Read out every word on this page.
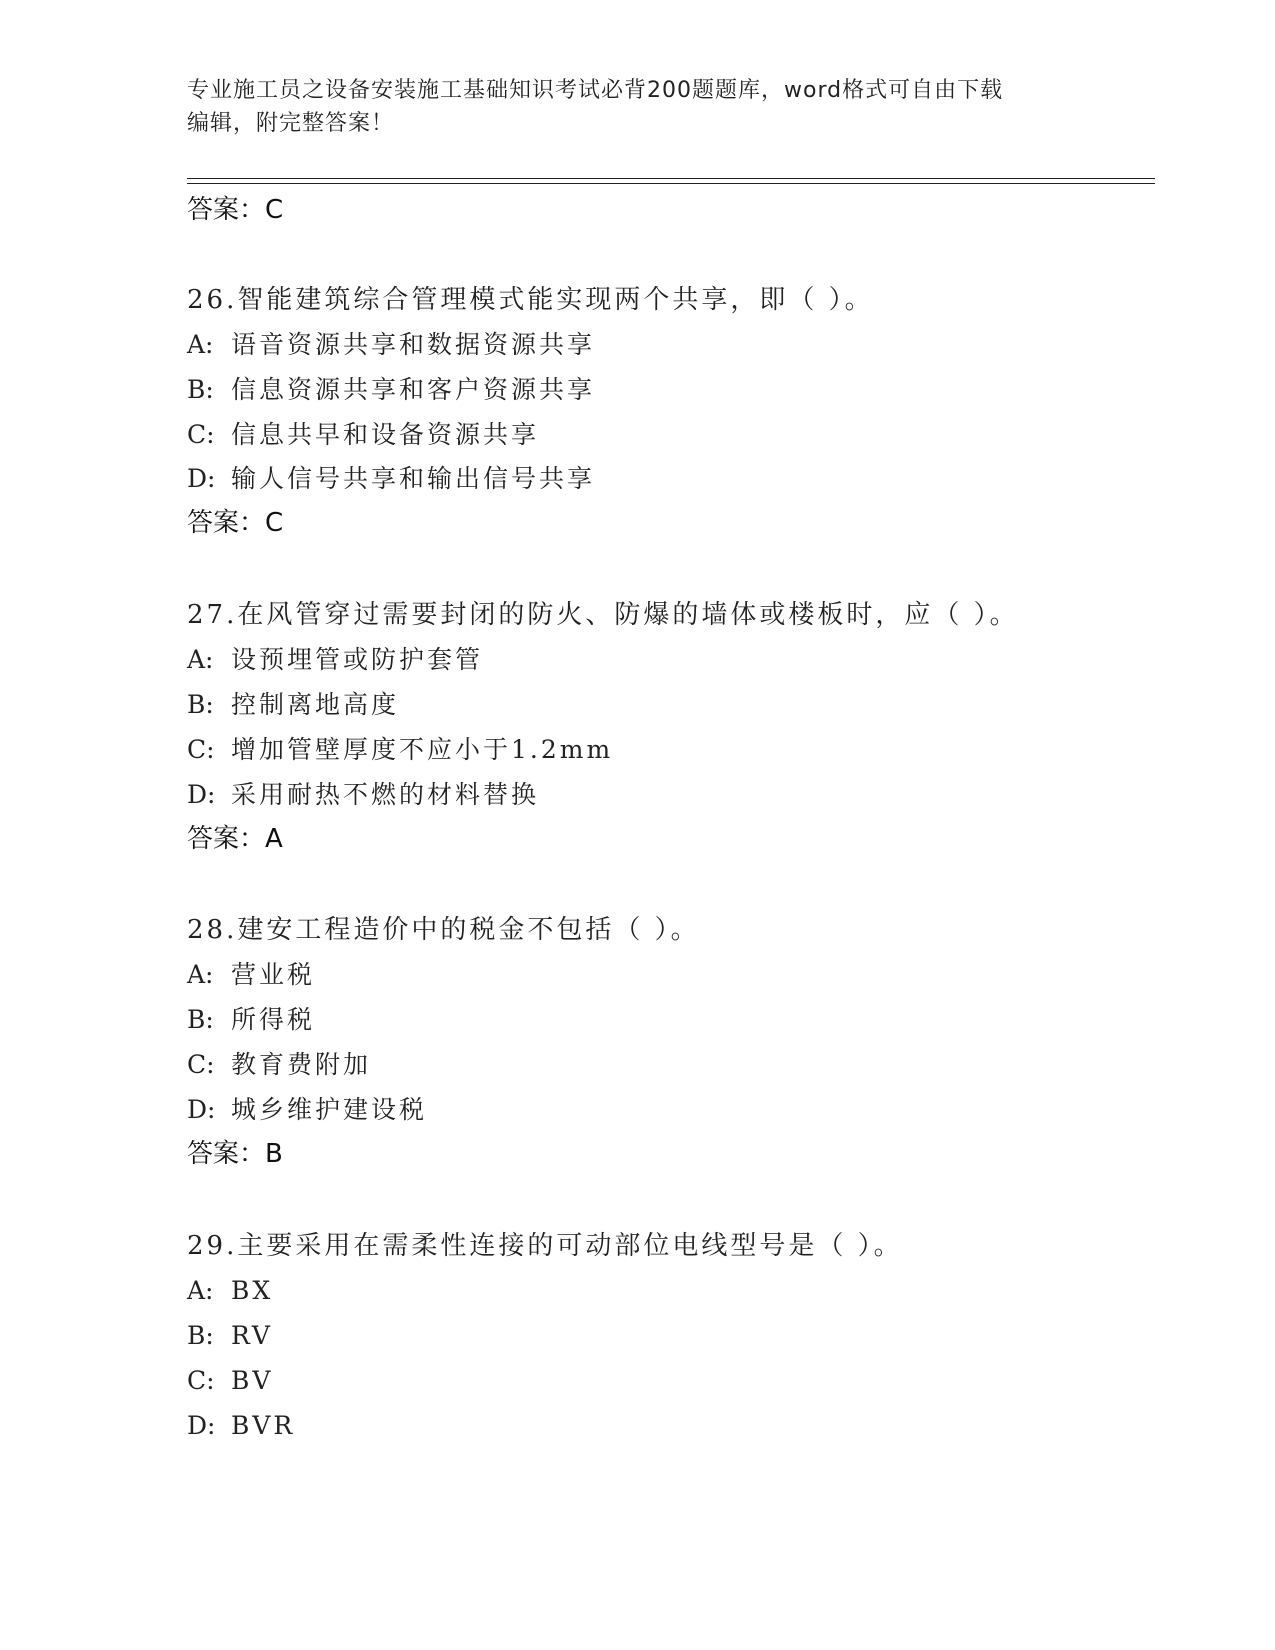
专业施工员之设备安装施工基础知识考试必背200题题库，word格式可自由下载
编辑，附完整答案！
答案：C
26.智能建筑综合管理模式能实现两个共享，即（ ）。
A: 语音资源共享和数据资源共享
B: 信息资源共享和客户资源共享
C: 信息共早和设备资源共享
D: 输人信号共享和输出信号共享
答案：C
27.在风管穿过需要封闭的防火、防爆的墙体或楼板时，应（ ）。
A: 设预埋管或防护套管
B: 控制离地高度
C: 增加管壁厚度不应小于1.2mm
D: 采用耐热不燃的材料替换
答案：A
28.建安工程造价中的税金不包括（ ）。
A: 营业税
B: 所得税
C: 教育费附加
D: 城乡维护建设税
答案：B
29.主要采用在需柔性连接的可动部位电线型号是（ ）。
A: BX
B: RV
C: BV
D: BVR
